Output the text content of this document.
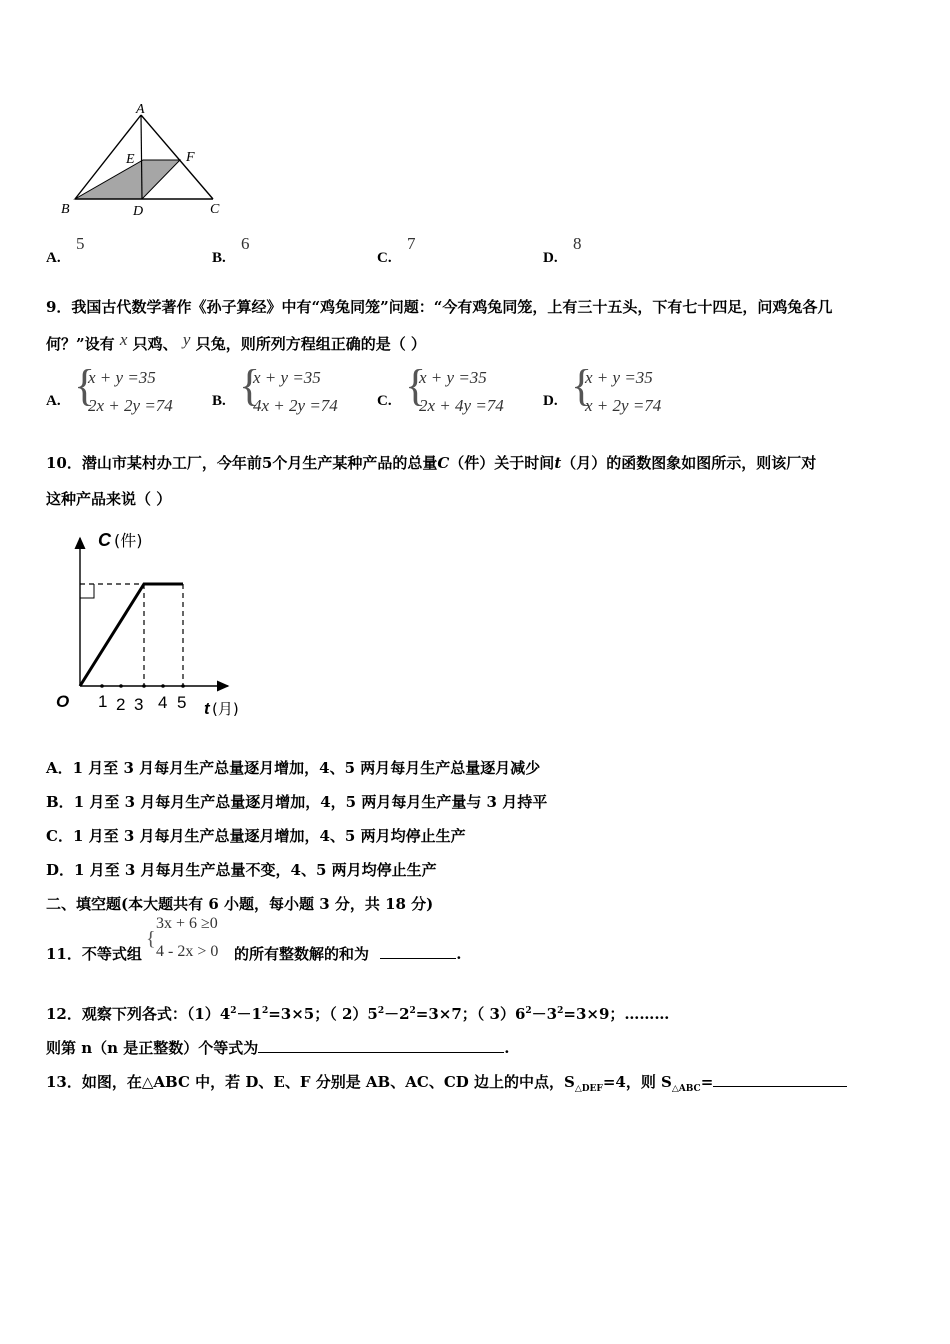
A
E	F
B	D	C
A.
5
B.
6
C.
7
D.
8
9．我国古代数学著作《孙子算经》中有“鸡兔同笼”问题：“今有鸡兔同笼，上有三十五头，下有七十四足，问鸡兔各几
何？”设有 x 只鸡、 y 只兔，则所列方程组正确的是（ ）
A. {
x + y =35
2x + 2y =74	B. {
x + y =35
4x + 2y =74	C. {
x + y =35
2x + 4y =74	D. {
x + y =35
x + 2y =74
10．潜山市某村办工厂，今年前5个月生产某种产品的总量C（件）关于时间t（月）的函数图象如图所示，则该厂对
这种产品来说（ ）
C (件)
O 1 2 3 4 5 t (月)
A．1 月至 3 月每月生产总量逐月增加，4、5 两月每月生产总量逐月减少
B．1 月至 3 月每月生产总量逐月增加，4，5 两月每月生产量与 3 月持平
C．1 月至 3 月每月生产总量逐月增加，4、5 两月均停止生产
D．1 月至 3 月每月生产总量不变，4、5 两月均停止生产
二、填空题(本大题共有 6 小题，每小题 3 分，共 18 分)
11．不等式组
{
3x + 6 ≥0
4 - 2x > 0 的所有整数解的和为	.
12．观察下列各式：$(1)4^2-1^2=3\times 5$；（ $2)5^2-2^2=3\times 7$；（ $3)6^2-3^2=3\times 9$；………
则第 n（n 是正整数）个等式为	.
13．如图，在△ABC 中，若 D、E、F 分别是 AB、AC、CD 边上的中点，$S_{\triangle DEF}=4$，则 $S_{\triangle ABC}=$
